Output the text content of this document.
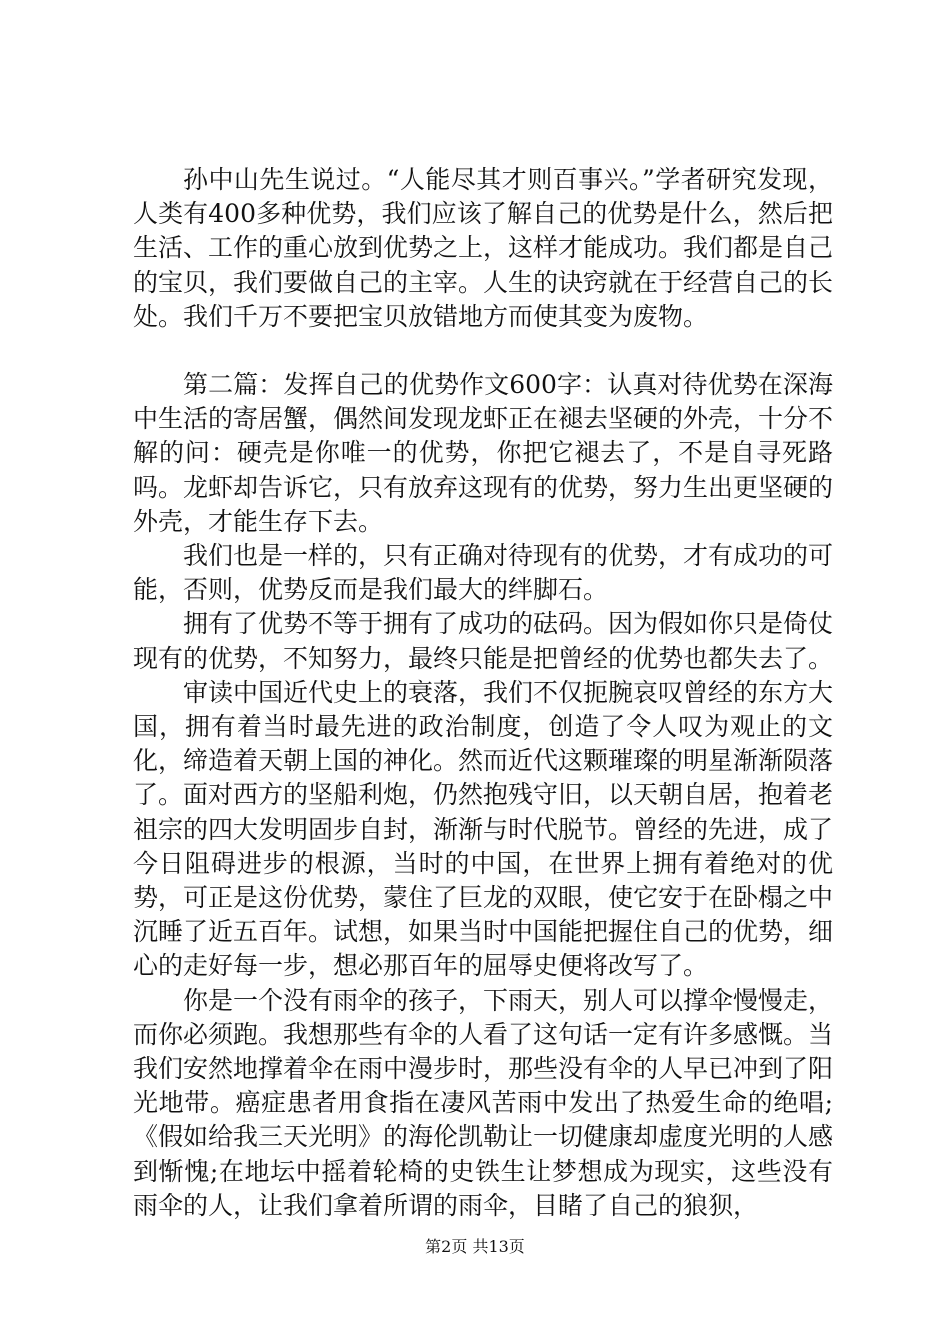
孙中山先生说过。“人能尽其才则百事兴。”学者研究发现，人类有400多种优势，我们应该了解自己的优势是什么，然后把生活、工作的重心放到优势之上，这样才能成功。我们都是自己的宝贝，我们要做自己的主宰。人生的诀窍就在于经营自己的长处。我们千万不要把宝贝放错地方而使其变为废物。

第二篇：发挥自己的优势作文600字：认真对待优势在深海中生活的寄居蟹，偶然间发现龙虾正在褪去坚硬的外壳，十分不解的问：硬壳是你唯一的优势，你把它褪去了，不是自寻死路吗。龙虾却告诉它，只有放弃这现有的优势，努力生出更坚硬的外壳，才能生存下去。

我们也是一样的，只有正确对待现有的优势，才有成功的可能，否则，优势反而是我们最大的绊脚石。

拥有了优势不等于拥有了成功的砝码。因为假如你只是倚仗现有的优势，不知努力，最终只能是把曾经的优势也都失去了。

审读中国近代史上的衰落，我们不仅扼腕哀叹曾经的东方大国，拥有着当时最先进的政治制度，创造了令人叹为观止的文化，缔造着天朝上国的神化。然而近代这颗璀璨的明星渐渐陨落了。面对西方的坚船利炮，仍然抱残守旧，以天朝自居，抱着老祖宗的四大发明固步自封，渐渐与时代脱节。曾经的先进，成了今日阻碍进步的根源，当时的中国，在世界上拥有着绝对的优势，可正是这份优势，蒙住了巨龙的双眼，使它安于在卧榻之中沉睡了近五百年。试想，如果当时中国能把握住自己的优势，细心的走好每一步，想必那百年的屈辱史便将改写了。

你是一个没有雨伞的孩子，下雨天，别人可以撑伞慢慢走，而你必须跑。我想那些有伞的人看了这句话一定有许多感慨。当我们安然地撑着伞在雨中漫步时，那些没有伞的人早已冲到了阳光地带。癌症患者用食指在凄风苦雨中发出了热爱生命的绝唱;《假如给我三天光明》的海伦凯勒让一切健康却虚度光明的人感到惭愧;在地坛中摇着轮椅的史铁生让梦想成为现实，这些没有雨伞的人，让我们拿着所谓的雨伞，目睹了自己的狼狈，

第2页 共13页
